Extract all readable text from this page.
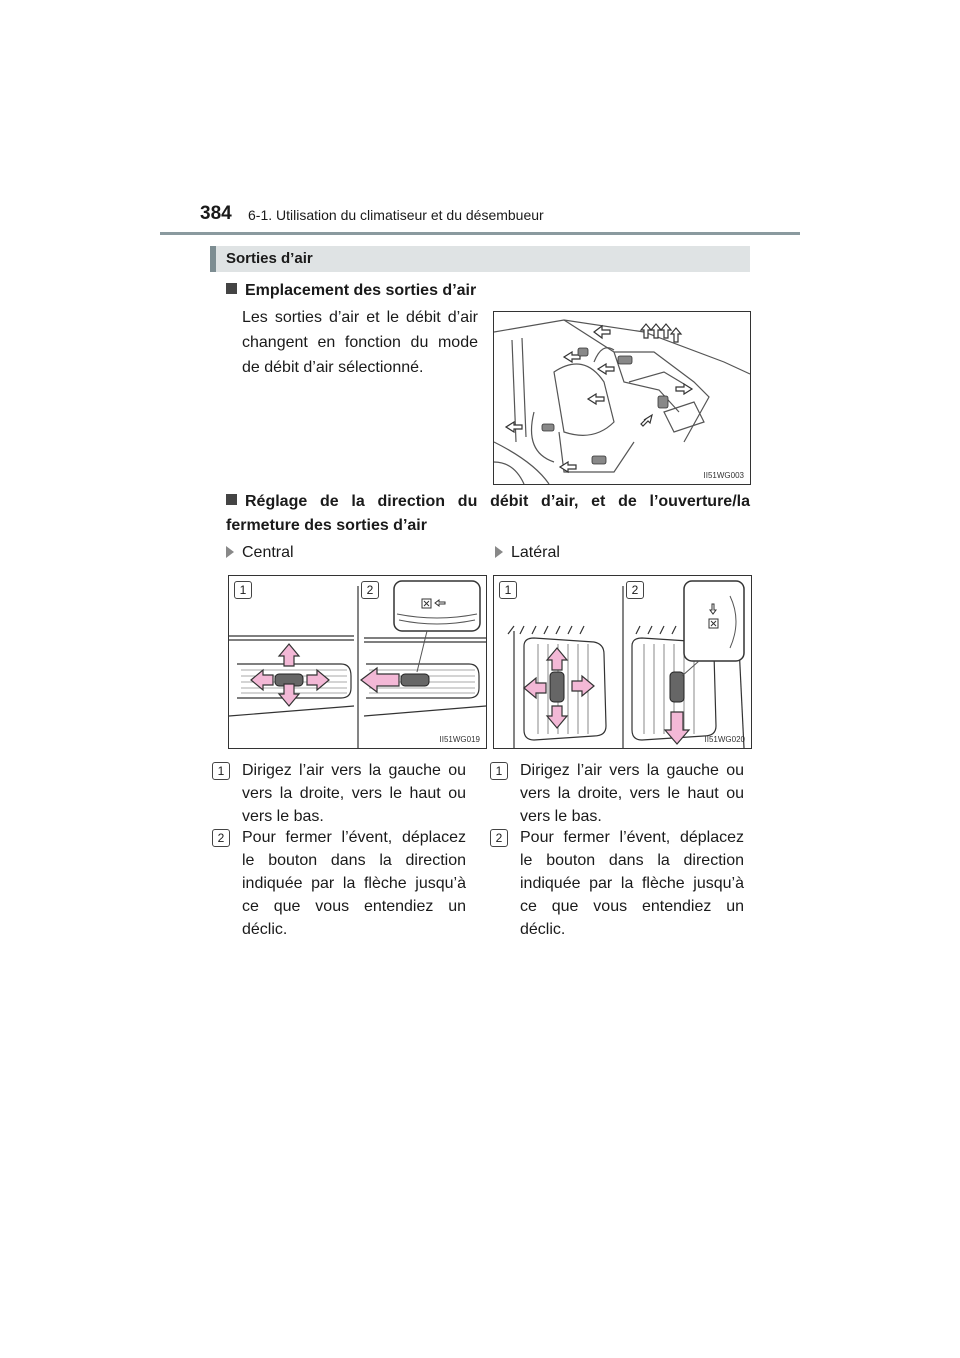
384 6-1. Utilisation du climatiseur et du désembueur
Sorties d’air
Emplacement des sorties d’air
Les sorties d’air et le débit d’air changent en fonction du mode de débit d’air sélectionné.
II51WG003
Réglage de la direction du débit d’air, et de l’ouverture/la fermeture des sorties d’air
Central	Latéral
1	2
II51WG019
1	2
II51WG020
1	Dirigez l’air vers la gauche ou vers la droite, vers le haut ou vers le bas.
2	Pour fermer l’évent, déplacez le bouton dans la direction indiquée par la flèche jusqu’à ce que vous entendiez un déclic.
1	Dirigez l’air vers la gauche ou vers la droite, vers le haut ou vers le bas.
2	Pour fermer l’évent, déplacez le bouton dans la direction indiquée par la flèche jusqu’à ce que vous entendiez un déclic.
